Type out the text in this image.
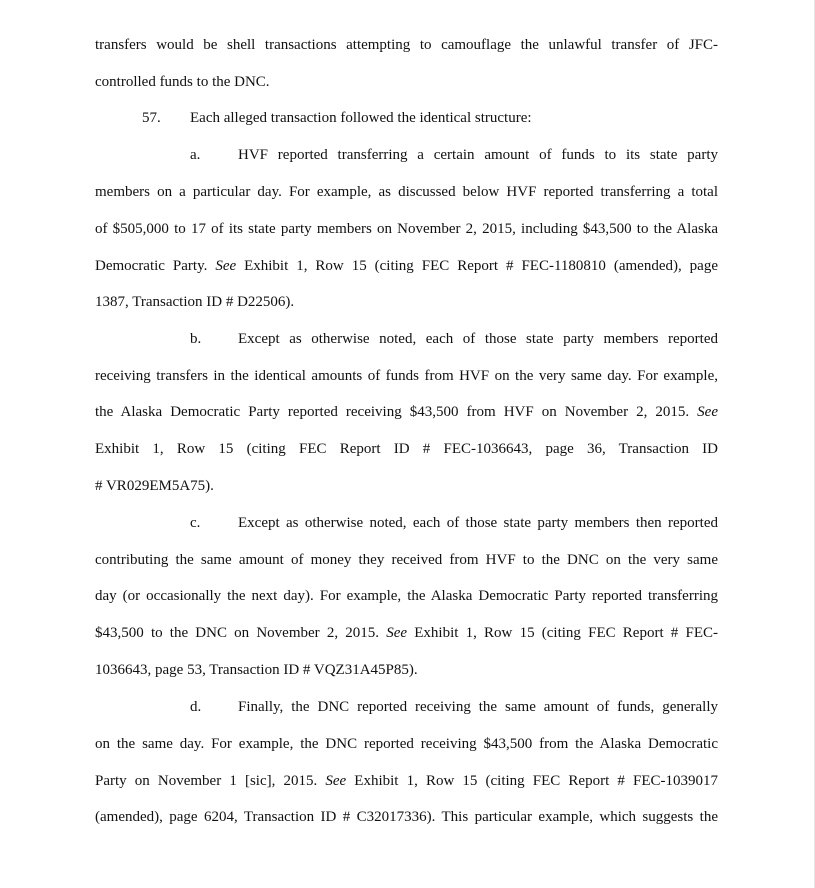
transfers would be shell transactions attempting to camouflage the unlawful transfer of JFC-
controlled funds to the DNC.
57.	Each alleged transaction followed the identical structure:
a.	HVF reported transferring a certain amount of funds to its state party
members on a particular day. For example, as discussed below HVF reported transferring a total
of $505,000 to 17 of its state party members on November 2, 2015, including $43,500 to the Alaska
Democratic Party. See Exhibit 1, Row 15 (citing FEC Report # FEC-1180810 (amended), page
1387, Transaction ID # D22506).
b.	Except as otherwise noted, each of those state party members reported
receiving transfers in the identical amounts of funds from HVF on the very same day. For example,
the Alaska Democratic Party reported receiving $43,500 from HVF on November 2, 2015. See
Exhibit 1, Row 15 (citing FEC Report ID # FEC-1036643, page 36, Transaction ID
# VR029EM5A75).
c.	Except as otherwise noted, each of those state party members then reported
contributing the same amount of money they received from HVF to the DNC on the very same
day (or occasionally the next day). For example, the Alaska Democratic Party reported transferring
$43,500 to the DNC on November 2, 2015. See Exhibit 1, Row 15 (citing FEC Report # FEC-
1036643, page 53, Transaction ID # VQZ31A45P85).
d.	Finally, the DNC reported receiving the same amount of funds, generally
on the same day. For example, the DNC reported receiving $43,500 from the Alaska Democratic
Party on November 1 [sic], 2015. See Exhibit 1, Row 15 (citing FEC Report # FEC-1039017
(amended), page 6204, Transaction ID # C32017336). This particular example, which suggests the
